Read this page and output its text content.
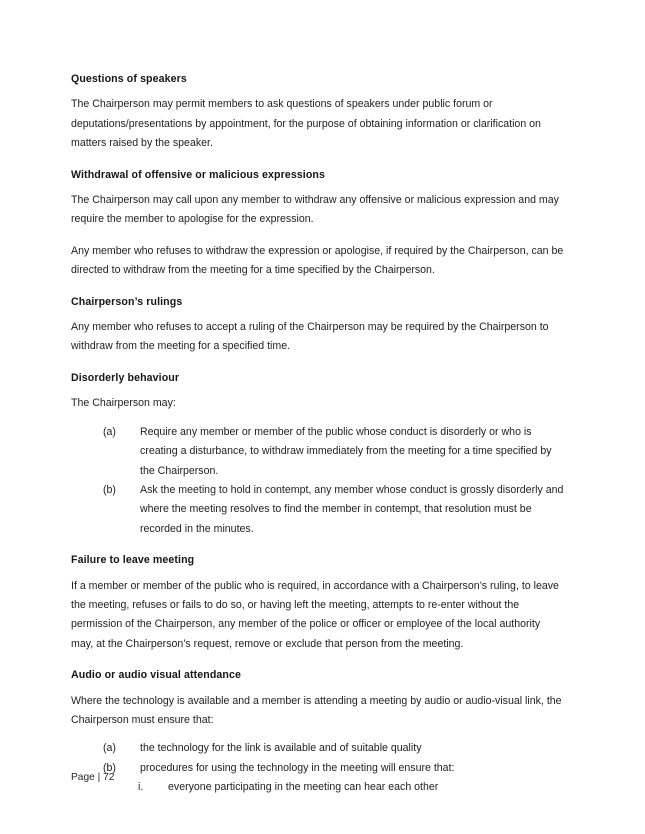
Questions of speakers

The Chairperson may permit members to ask questions of speakers under public forum or deputations/presentations by appointment, for the purpose of obtaining information or clarification on matters raised by the speaker.

Withdrawal of offensive or malicious expressions

The Chairperson may call upon any member to withdraw any offensive or malicious expression and may require the member to apologise for the expression.

Any member who refuses to withdraw the expression or apologise, if required by the Chairperson, can be directed to withdraw from the meeting for a time specified by the Chairperson.

Chairperson’s rulings

Any member who refuses to accept a ruling of the Chairperson may be required by the Chairperson to withdraw from the meeting for a specified time.

Disorderly behaviour

The Chairperson may:

(a)	Require any member or member of the public whose conduct is disorderly or who is creating a disturbance, to withdraw immediately from the meeting for a time specified by the Chairperson.
(b)	Ask the meeting to hold in contempt, any member whose conduct is grossly disorderly and where the meeting resolves to find the member in contempt, that resolution must be recorded in the minutes.
Failure to leave meeting

If a member or member of the public who is required, in accordance with a Chairperson’s ruling, to leave the meeting, refuses or fails to do so, or having left the meeting, attempts to re-enter without the permission of the Chairperson, any member of the police or officer or employee of the local authority may, at the Chairperson’s request, remove or exclude that person from the meeting.

Audio or audio visual attendance

Where the technology is available and a member is attending a meeting by audio or audio-visual link, the Chairperson must ensure that:

(a)	the technology for the link is available and of suitable quality
(b)	procedures for using the technology in the meeting will ensure that:
i.	everyone participating in the meeting can hear each other
Page | 72
